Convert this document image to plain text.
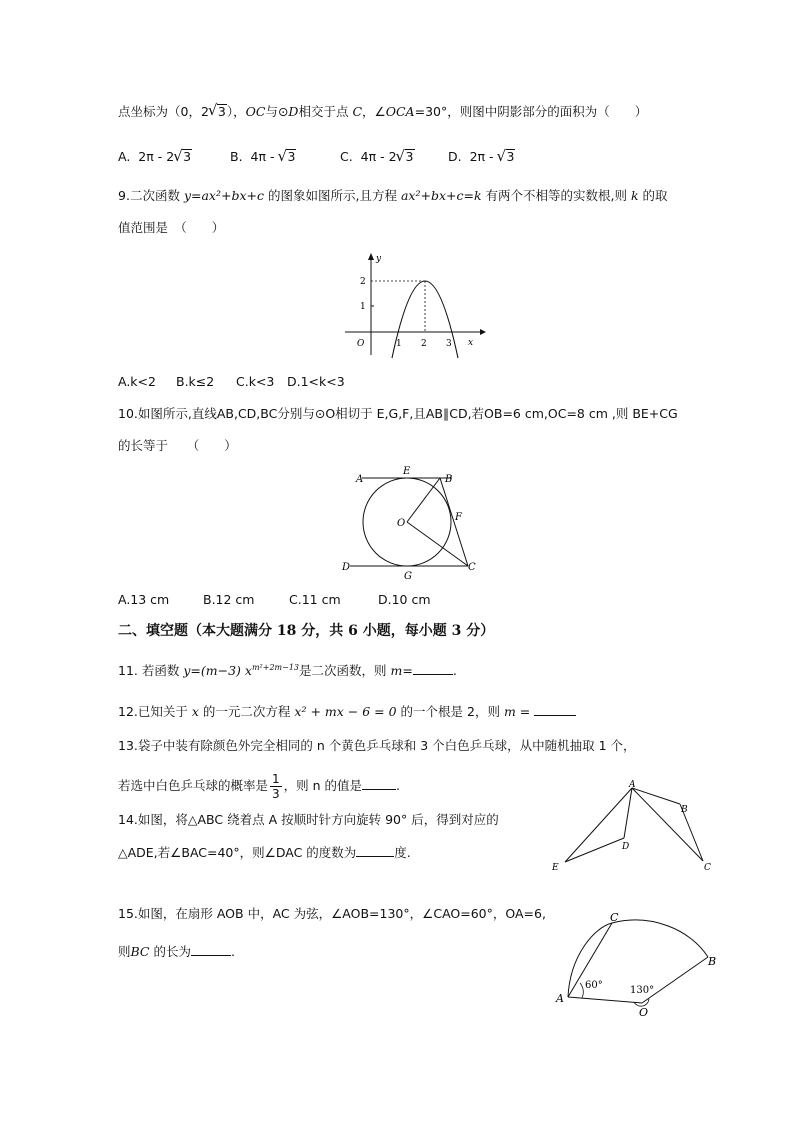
点坐标为（0，2 √ 3），OC与⊙D相交于点 C，∠OCA=30°，则图中阴影部分的面积为（　　）
A. 2π - 2 √ 3	B. 4π - √ 3	C. 4π - 2 √ 3	D. 2π - √ 3
9.二次函数 y=ax²+bx+c 的图象如图所示,且方程 ax²+bx+c=k 有两个不相等的实数根,则 k 的取
值范围是　（　　）
y
x
O	1 2 3
1
2
A.k<2 B.k≤2 C.k<3 D.1<k<3
10.如图所示,直线AB,CD,BC分别与⊙O相切于 E,G,F,且AB∥CD,若OB=6 cm,OC=8 cm ,则 BE+CG
的长等于　　（　　）
A
E
B
O
F
D
G
C
A.13 cm	B.12 cm	C.11 cm	D.10 cm
二、填空题（本大题满分 18 分，共 6 小题，每小题 3 分）
11. 若函数 y=(m−3) $x^{m^2+2m-13}$是二次函数，则 m=	.
12.已知关于 x 的一元二次方程 x² + mx − 6 = 0 的一个根是 2，则 m =
13.袋子中装有除颜色外完全相同的 n 个黄色乒乓球和 3 个白色乒乓球，从中随机抽取 1 个，
若选中白色乒乓球的概率是 $\frac{1}{3}$ ，则 n 的值是	.
14.如图，将△ABC 绕着点 A 按顺时针方向旋转 90° 后，得到对应的
△ADE,若∠BAC=40°，则∠DAC 的度数为	度.
A
B
C
D
E
15.如图，在扇形 AOB 中，AC 为弦，∠AOB=130°，∠CAO=60°，OA=6,
则BC 的长为	.
A
B
C
O
60°	130°
